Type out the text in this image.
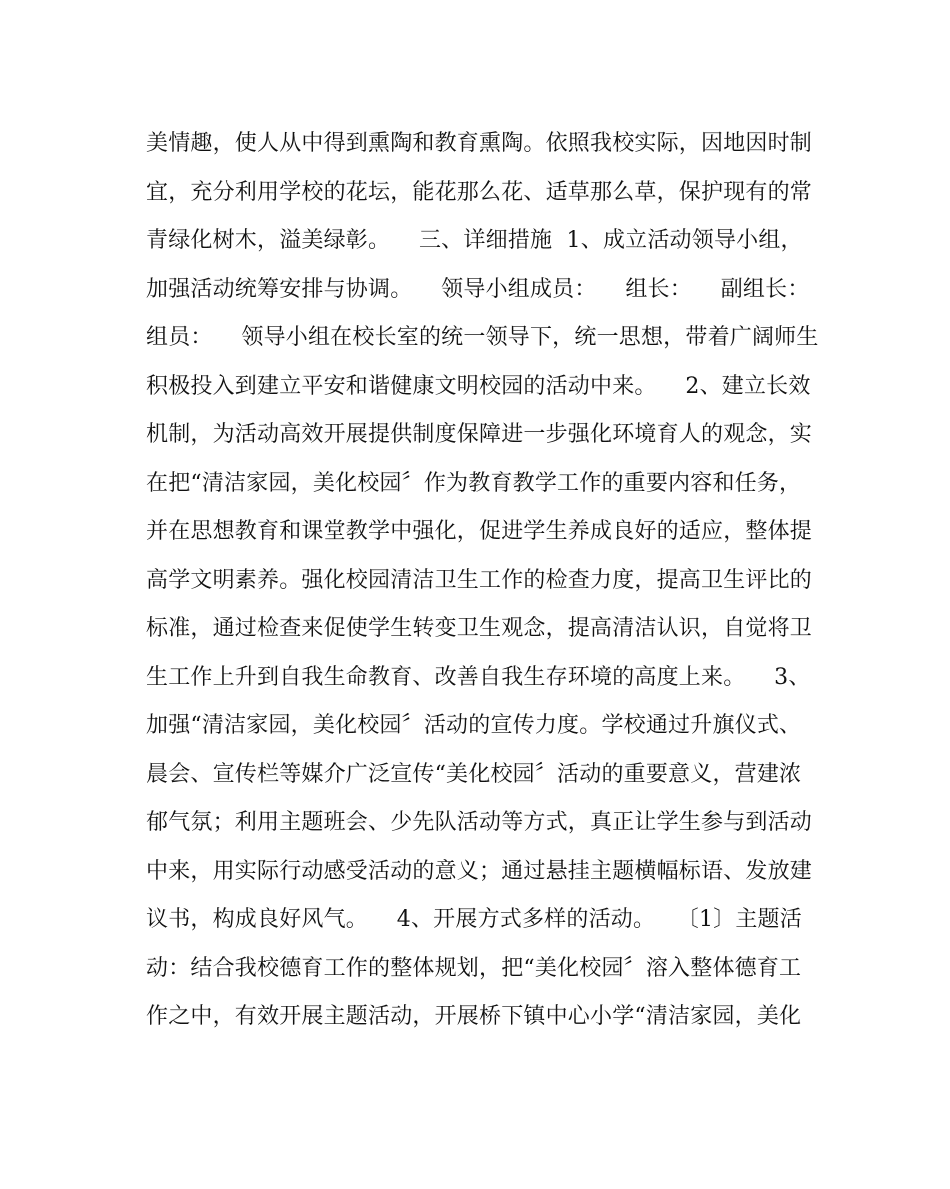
美情趣，使人从中得到熏陶和教育熏陶。依照我校实际，因地因时制
宜，充分利用学校的花坛，能花那么花、适草那么草，保护现有的常
青绿化树木，溢美绿彰。    三、详细措施  1、成立活动领导小组，
加强活动统筹安排与协调。    领导小组成员：    组长：    副组长：
组员：    领导小组在校长室的统一领导下，统一思想，带着广阔师生
积极投入到建立平安和谐健康文明校园的活动中来。    2、建立长效
机制，为活动高效开展提供制度保障进一步强化环境育人的观念，实
在把“清洁家园，美化校园〞作为教育教学工作的重要内容和任务，
并在思想教育和课堂教学中强化，促进学生养成良好的适应，整体提
高学文明素养。强化校园清洁卫生工作的检查力度，提高卫生评比的
标准，通过检查来促使学生转变卫生观念，提高清洁认识，自觉将卫
生工作上升到自我生命教育、改善自我生存环境的高度上来。    3、
加强“清洁家园，美化校园〞活动的宣传力度。学校通过升旗仪式、
晨会、宣传栏等媒介广泛宣传“美化校园〞活动的重要意义，营建浓
郁气氛；利用主题班会、少先队活动等方式，真正让学生参与到活动
中来，用实际行动感受活动的意义；通过悬挂主题横幅标语、发放建
议书，构成良好风气。    4、开展方式多样的活动。   〔1〕主题活
动：结合我校德育工作的整体规划，把“美化校园〞溶入整体德育工
作之中，有效开展主题活动，开展桥下镇中心小学“清洁家园，美化
